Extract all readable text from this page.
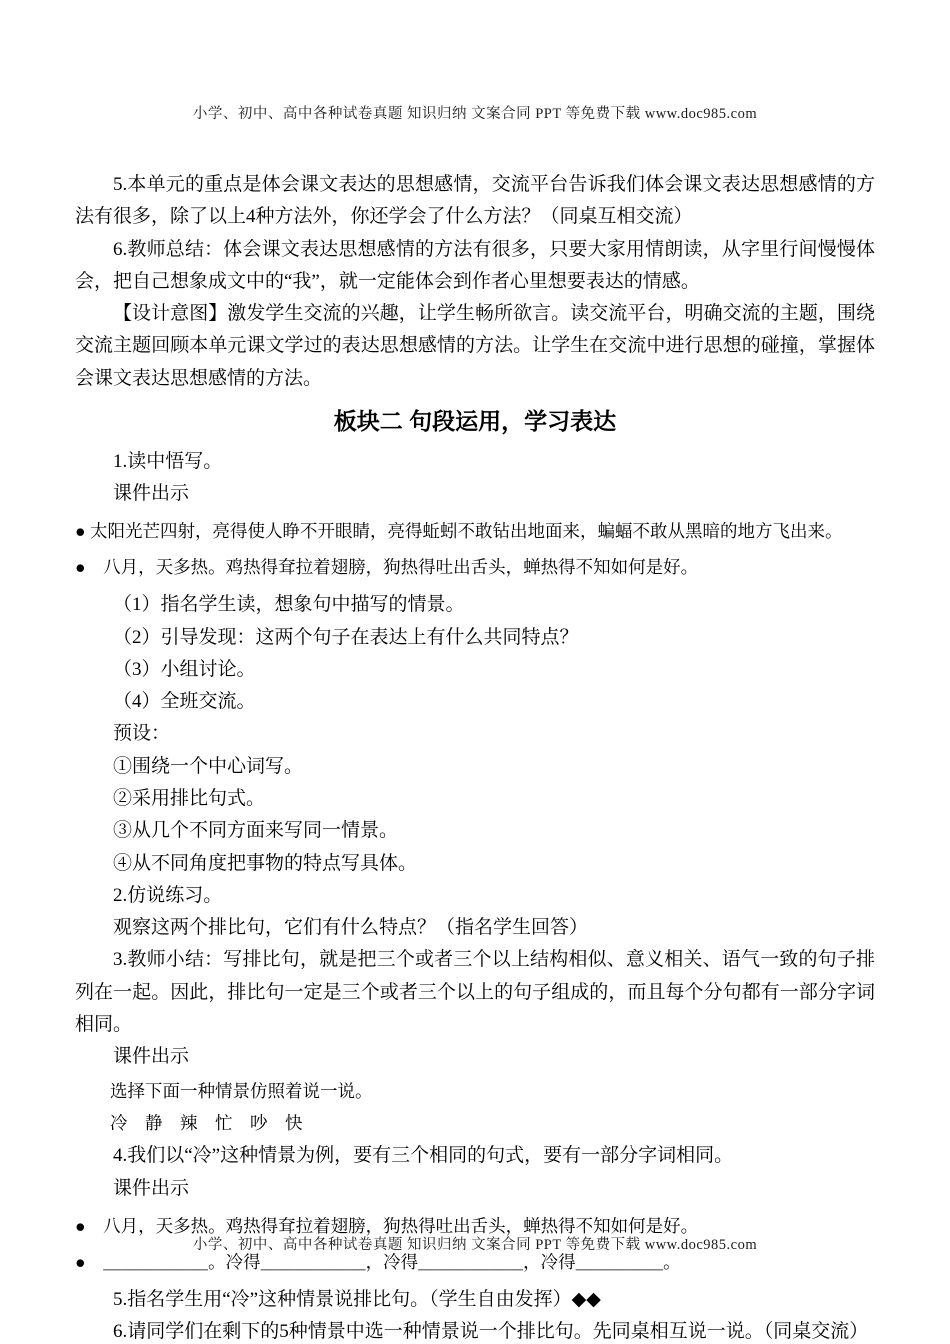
小学、初中、高中各种试卷真题 知识归纳 文案合同 PPT 等免费下载 www.doc985.com

5.本单元的重点是体会课文表达的思想感情，交流平台告诉我们体会课文表达思想感情的方法有很多，除了以上4种方法外，你还学会了什么方法？（同桌互相交流）

6.教师总结：体会课文表达思想感情的方法有很多，只要大家用情朗读，从字里行间慢慢体会，把自己想象成文中的“我”，就一定能体会到作者心里想要表达的情感。

【设计意图】激发学生交流的兴趣，让学生畅所欲言。读交流平台，明确交流的主题，围绕交流主题回顾本单元课文学过的表达思想感情的方法。让学生在交流中进行思想的碰撞，掌握体会课文表达思想感情的方法。

板块二 句段运用，学习表达

1.读中悟写。

课件出示

● 太阳光芒四射，亮得使人睁不开眼睛，亮得蚯蚓不敢钻出地面来，蝙蝠不敢从黑暗的地方飞出来。

●　八月，天多热。鸡热得耷拉着翅膀，狗热得吐出舌头，蝉热得不知如何是好。

（1）指名学生读，想象句中描写的情景。

（2）引导发现：这两个句子在表达上有什么共同特点？

（3）小组讨论。

（4）全班交流。

预设：

①围绕一个中心词写。

②采用排比句式。

③从几个不同方面来写同一情景。

④从不同角度把事物的特点写具体。

2.仿说练习。

观察这两个排比句，它们有什么特点？（指名学生回答）

3.教师小结：写排比句，就是把三个或者三个以上结构相似、意义相关、语气一致的句子排列在一起。因此，排比句一定是三个或者三个以上的句子组成的，而且每个分句都有一部分字词相同。

课件出示

选择下面一种情景仿照着说一说。

冷　静　辣　忙　吵　快

4.我们以“冷”这种情景为例，要有三个相同的句式，要有一部分字词相同。

课件出示

●　八月，天多热。鸡热得耷拉着翅膀，狗热得吐出舌头，蝉热得不知如何是好。

●　＿＿＿＿＿＿。冷得＿＿＿＿＿＿，冷得＿＿＿＿＿＿，冷得＿＿＿＿＿。

5.指名学生用“冷”这种情景说排比句。（学生自由发挥）◆◆

6.请同学们在剩下的5种情景中选一种情景说一个排比句。先同桌相互说一说。（同桌交流）

小学、初中、高中各种试卷真题 知识归纳 文案合同 PPT 等免费下载 www.doc985.com
